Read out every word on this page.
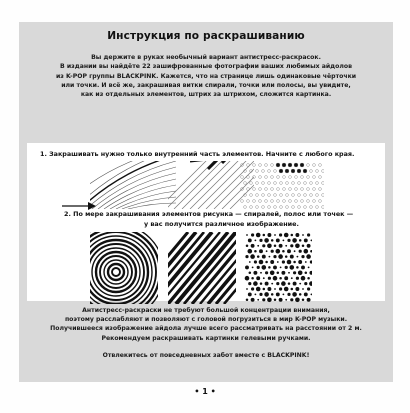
Инструкция по раскрашиванию
Вы держите в руках необычный вариант антистресс-раскрасок.
В издании вы найдёте 22 зашифрованные фотографии ваших любимых айдолов
из K-POP группы BLACKPINK. Кажется, что на странице лишь одинаковые чёрточки
или точки. И всё же, закрашивая витки спирали, точки или полосы, вы увидите,
как из отдельных элементов, штрих за штрихом, сложится картинка.
1. Закрашивать нужно только внутренний часть элементов. Начните с любого края.
2. По мере закрашивания элементов рисунка — спиралей, полос или точек —
у вас получится различное изображение.
Антистресс-раскраски не требуют большой концентрации внимания,
поэтому расслабляют и позволяют с головой погрузиться в мир K-POP музыки.
Получившееся изображение айдола лучше всего рассматривать на расстоянии от 2 м.
Рекомендуем раскрашивать картинки гелевыми ручками.
Отвлекитесь от повседневных забот вместе с BLACKPINK!
• 1 •
